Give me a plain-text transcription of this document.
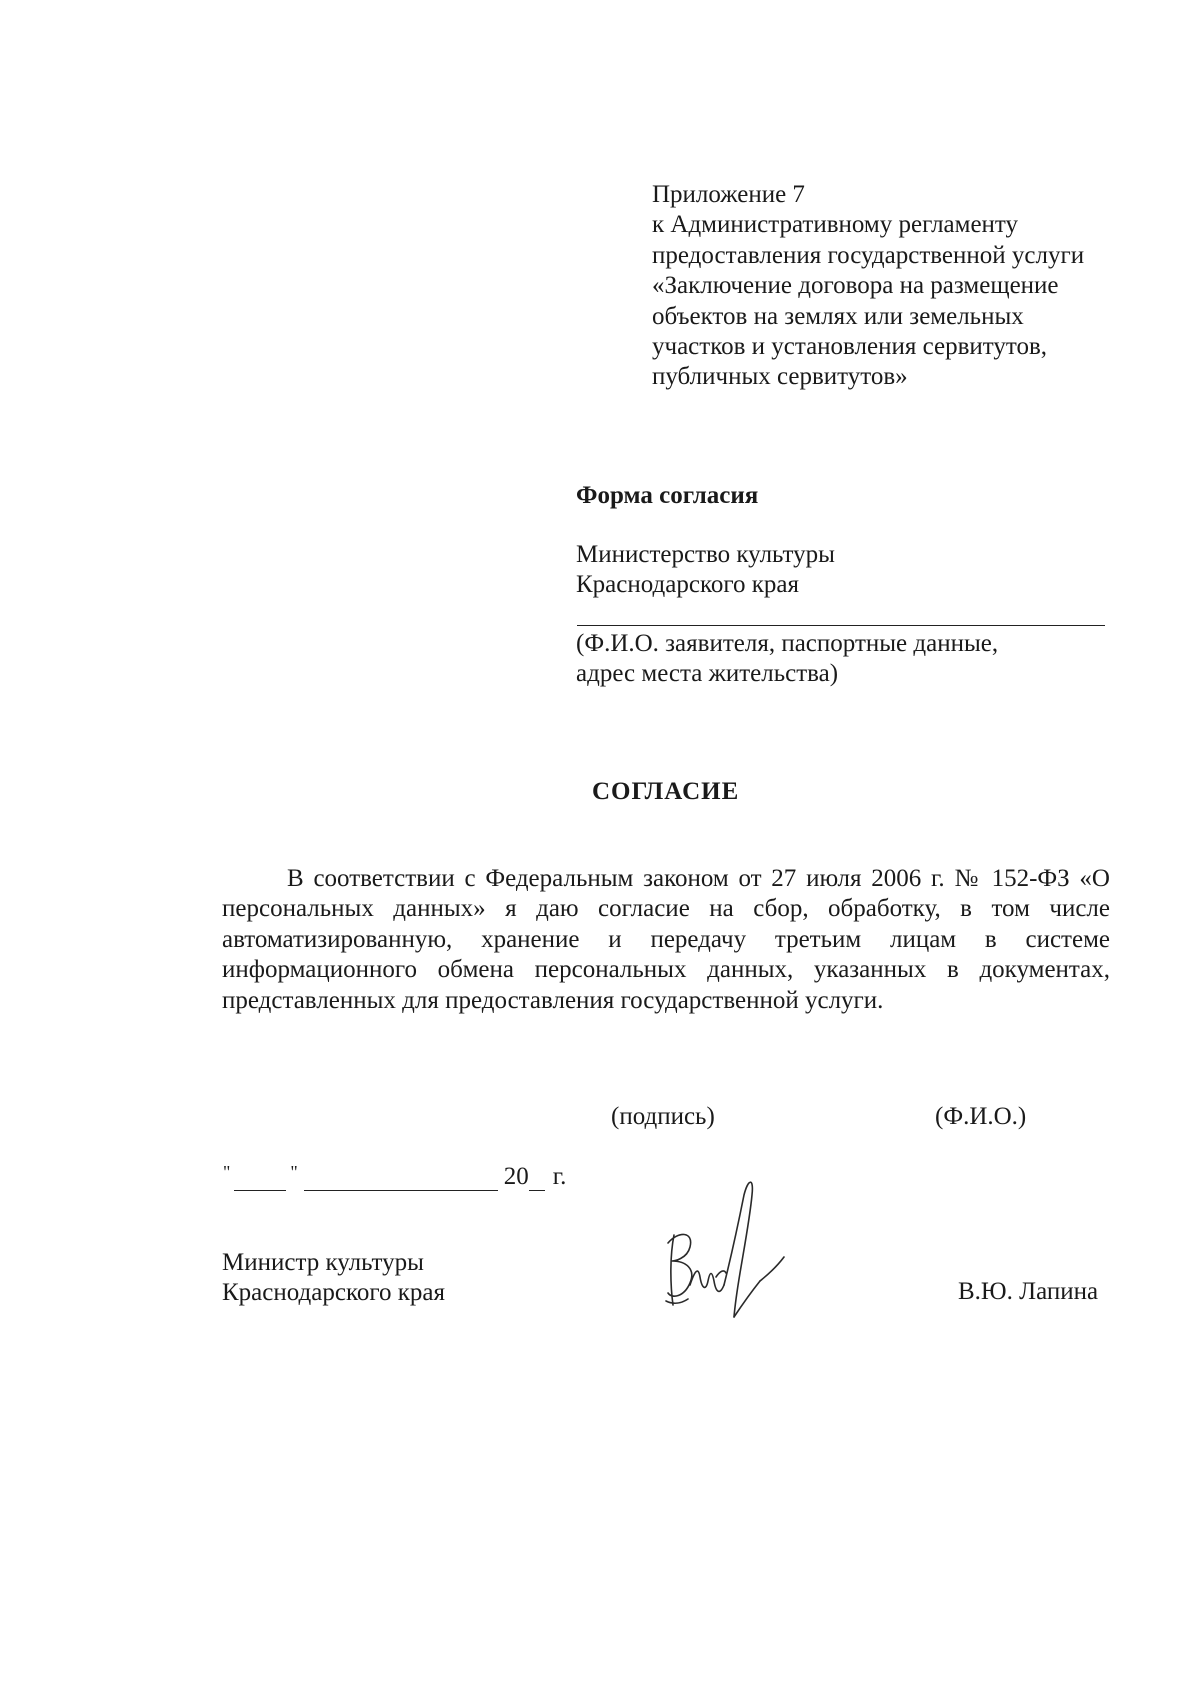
Приложение 7
к Административному регламенту
предоставления государственной услуги
«Заключение договора на размещение
объектов на землях или земельных
участков и установления сервитутов,
публичных сервитутов»
Форма согласия
Министерство культуры
Краснодарского края
(Ф.И.О. заявителя, паспортные данные,
адрес места жительства)
СОГЛАСИЕ
В соответствии с Федеральным законом от 27 июля 2006 г. № 152-ФЗ «О
персональных данных» я даю согласие на сбор, обработку, в том числе
автоматизированную, хранение и передачу третьим лицам в системе
информационного обмена персональных данных, указанных в документах,
представленных для предоставления государственной услуги.
(подпись)	(Ф.И.О.)
"	"	20 г.
Министр культуры
Краснодарского края	В.Ю. Лапина
